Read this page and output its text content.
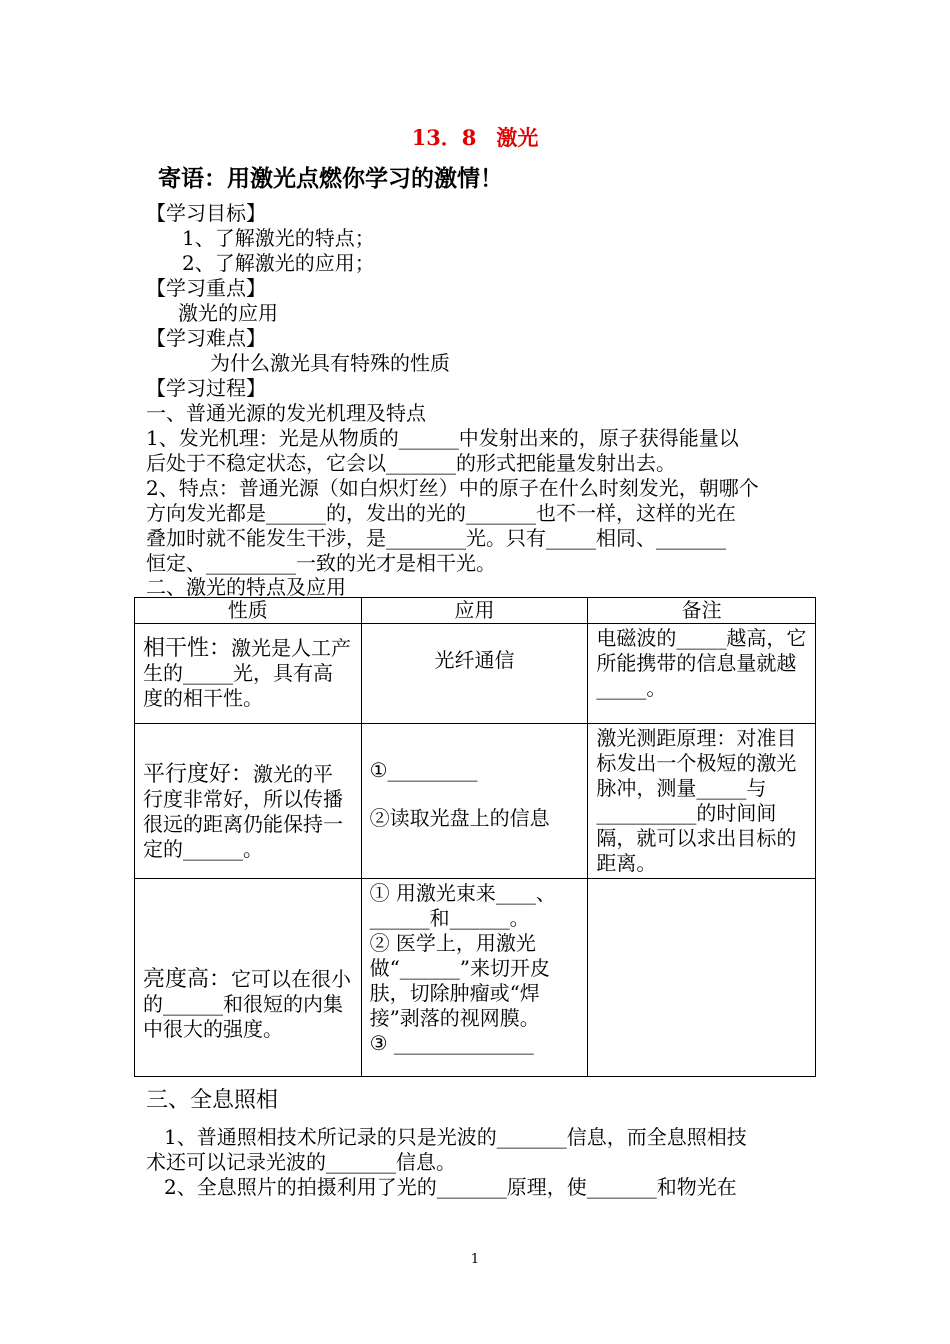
13．8 激光
寄语：用激光点燃你学习的激情！
【学习目标】
1、了解激光的特点；
2、了解激光的应用；
【学习重点】
激光的应用
【学习难点】
为什么激光具有特殊的性质
【学习过程】
一、普通光源的发光机理及特点
1、发光机理：光是从物质的______中发射出来的，原子获得能量以
后处于不稳定状态，它会以_______的形式把能量发射出去。
2、特点：普通光源（如白炽灯丝）中的原子在什么时刻发光，朝哪个
方向发光都是______的，发出的光的_______也不一样，这样的光在
叠加时就不能发生干涉，是________光。只有_____相同、_______
恒定、_________一致的光才是相干光。
二、激光的特点及应用
性质	应用	备注
相干性：激光是人工产生的_____光，具有高度的相干性。	光纤通信	电磁波的_____越高，它所能携带的信息量就越_____。

平行度好：激光的平行度非常好，所以传播很远的距离仍能保持一定的______。	①_________
②读取光盘上的信息	激光测距原理：对准目标发出一个极短的激光脉冲，测量_____与__________的时间间隔，就可以求出目标的距离。

亮度高：它可以在很小的______和很短的内集中很大的强度。	① 用激光束来____、______和______。
② 医学上，用激光做“______”来切开皮肤，切除肿瘤或“焊接”剥落的视网膜。
③ ______________	

三、全息照相
1、普通照相技术所记录的只是光波的_______信息，而全息照相技
术还可以记录光波的_______信息。
2、全息照片的拍摄利用了光的_______原理，使_______和物光在
1
